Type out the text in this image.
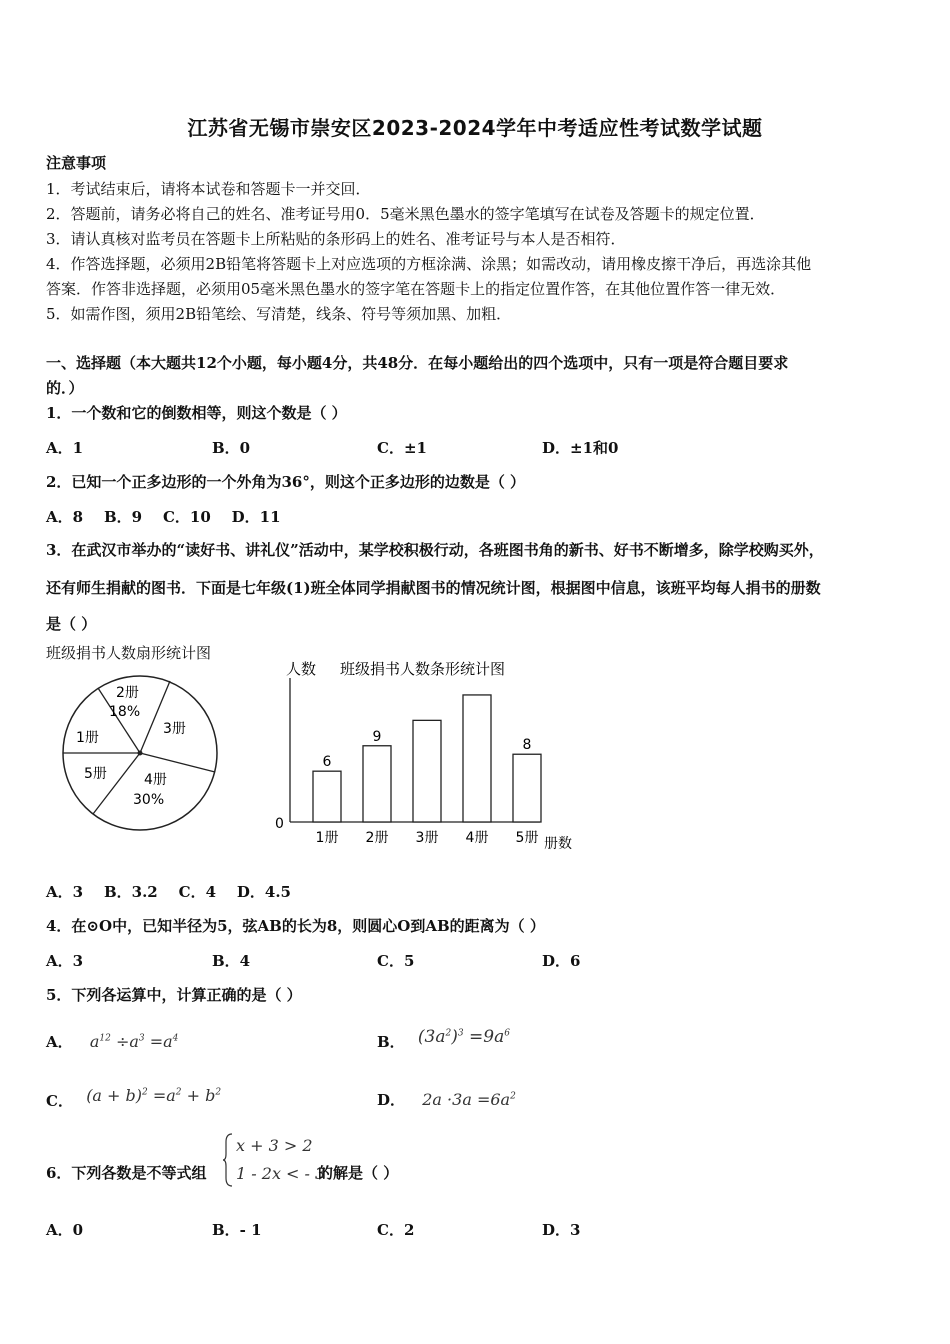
江苏省无锡市崇安区2023-2024学年中考适应性考试数学试题
注意事项
1．考试结束后，请将本试卷和答题卡一并交回．
2．答题前，请务必将自己的姓名、准考证号用0．5毫米黑色墨水的签字笔填写在试卷及答题卡的规定位置．
3．请认真核对监考员在答题卡上所粘贴的条形码上的姓名、准考证号与本人是否相符．
4．作答选择题，必须用2B铅笔将答题卡上对应选项的方框涂满、涂黑；如需改动，请用橡皮擦干净后，再选涂其他
答案．作答非选择题，必须用05毫米黑色墨水的签字笔在答题卡上的指定位置作答，在其他位置作答一律无效．
5．如需作图，须用2B铅笔绘、写清楚，线条、符号等须加黑、加粗．
一、选择题（本大题共12个小题，每小题4分，共48分．在每小题给出的四个选项中，只有一项是符合题目要求
的．）
1．一个数和它的倒数相等，则这个数是（ ）
A．1	B．0	C．±1	D．±1和0
2．已知一个正多边形的一个外角为36°，则这个正多边形的边数是（ ）
A．8    B．9    C．10    D．11
3．在武汉市举办的“读好书、讲礼仪”活动中，某学校积极行动，各班图书角的新书、好书不断增多，除学校购买外，
还有师生捐献的图书．下面是七年级(1)班全体同学捐献图书的情况统计图，根据图中信息，该班平均每人捐书的册数
是（ ）
班级捐书人数扇形统计图
1册
2册
18%
3册
4册
30%
5册
人数 班级捐书人数条形统计图
0
册数
6
1册
9
2册 3册 4册
8
5册
A．3    B．3.2    C．4    D．4.5
4．在⊙O中，已知半径为5，弦AB的长为8，则圆心O到AB的距离为（ ）
A．3	B．4	C．5	D．6
5．下列各运算中，计算正确的是（ ）
A． $a^{12} \div a^3 =a^4$	B． $(3a^2)^3 =9a^6$
C． $(a + b)^2 =a^2 + b^2$	D． $2a \cdot 3a =6a^2$
6．下列各数是不等式组
x + 3 > 2
1 - 2x < - 3
的解是（ ）
A．0	B．- 1	C．2	D．3
